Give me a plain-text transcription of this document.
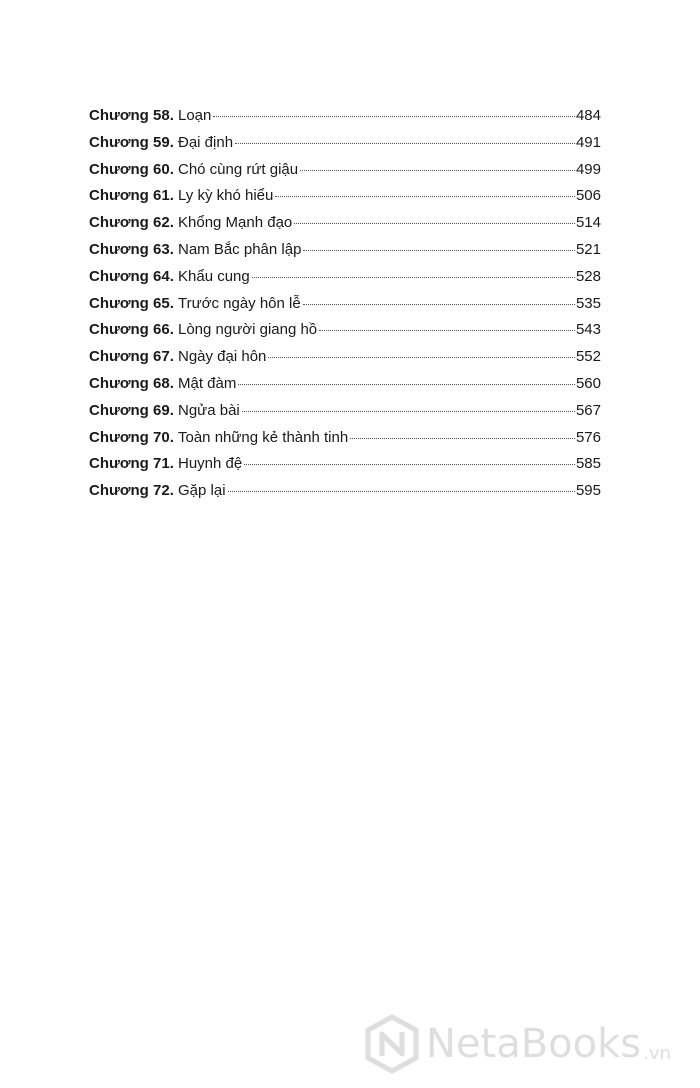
Chương 58. Loạn	484
Chương 59. Đại định	491
Chương 60. Chó cùng rứt giậu	499
Chương 61. Ly kỳ khó hiểu	506
Chương 62. Khổng Mạnh đạo	514
Chương 63. Nam Bắc phân lập	521
Chương 64. Khẩu cung	528
Chương 65. Trước ngày hôn lễ	535
Chương 66. Lòng người giang hồ	543
Chương 67. Ngày đại hôn	552
Chương 68. Mật đàm	560
Chương 69. Ngửa bài	567
Chương 70. Toàn những kẻ thành tinh	576
Chương 71. Huynh đệ	585
Chương 72. Gặp lại	595
NetaBooks .vn
